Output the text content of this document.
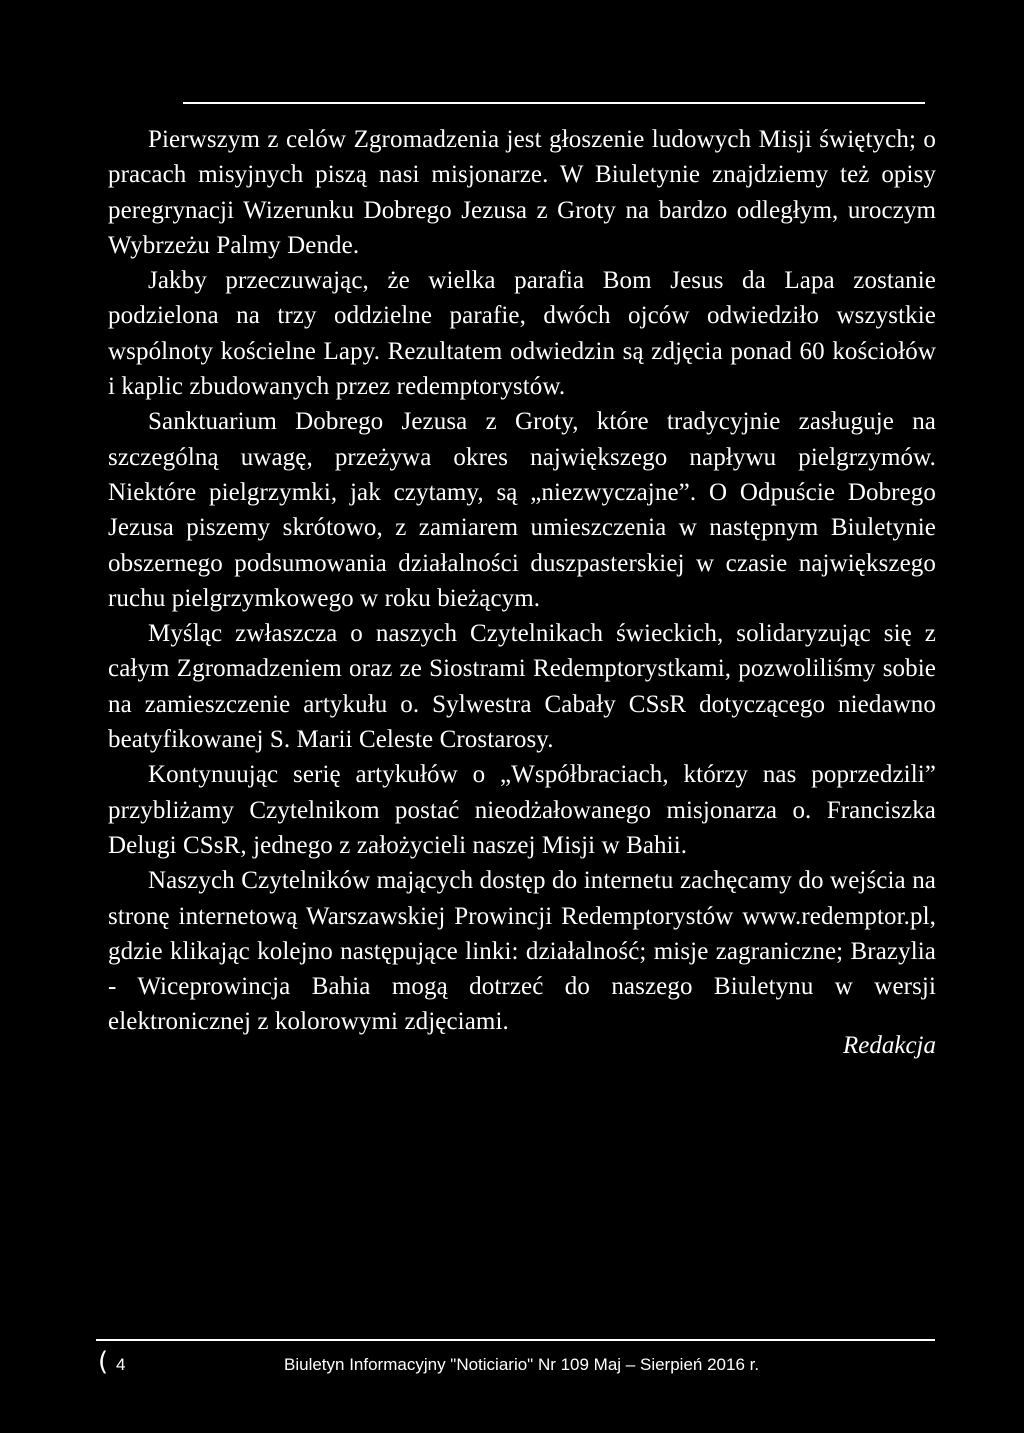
Pierwszym z celów Zgromadzenia jest głoszenie ludowych Misji świętych; o pracach misyjnych piszą nasi misjonarze. W Biuletynie znajdziemy też opisy peregrynacji Wizerunku Dobrego Jezusa z Groty na bardzo odległym, uroczym Wybrzeżu Palmy Dende.

Jakby przeczuwając, że wielka parafia Bom Jesus da Lapa zostanie podzielona na trzy oddzielne parafie, dwóch ojców odwiedziło wszystkie wspólnoty kościelne Lapy. Rezultatem odwiedzin są zdjęcia ponad 60 kościołów i kaplic zbudowanych przez redemptorystów.

Sanktuarium Dobrego Jezusa z Groty, które tradycyjnie zasługuje na szczególną uwagę, przeżywa okres największego napływu pielgrzymów. Niektóre pielgrzymki, jak czytamy, są „niezwyczajne”. O Odpuście Dobrego Jezusa piszemy skrótowo, z zamiarem umieszczenia w następnym Biuletynie obszernego podsumowania działalności duszpasterskiej w czasie największego ruchu pielgrzymkowego w roku bieżącym.

Myśląc zwłaszcza o naszych Czytelnikach świeckich, solidaryzując się z całym Zgromadzeniem oraz ze Siostrami Redemptorystkami, pozwoliliśmy sobie na zamieszczenie artykułu o. Sylwestra Cabały CSsR dotyczącego niedawno beatyfikowanej S. Marii Celeste Crostarosy.

Kontynuując serię artykułów o „Współbraciach, którzy nas poprzedzili” przybliżamy Czytelnikom postać nieodżałowanego misjonarza o. Franciszka Delugi CSsR, jednego z założycieli naszej Misji w Bahii.

Naszych Czytelników mających dostęp do internetu zachęcamy do wejścia na stronę internetową Warszawskiej Prowincji Redemptorystów www.redemptor.pl, gdzie klikając kolejno następujące linki: działalność; misje zagraniczne; Brazylia - Wiceprowincja Bahia mogą dotrzeć do naszego Biuletynu w wersji elektronicznej z kolorowymi zdjęciami.

Redakcja
( 4	Biuletyn Informacyjny "Noticiario" Nr 109 Maj – Sierpień 2016 r.
